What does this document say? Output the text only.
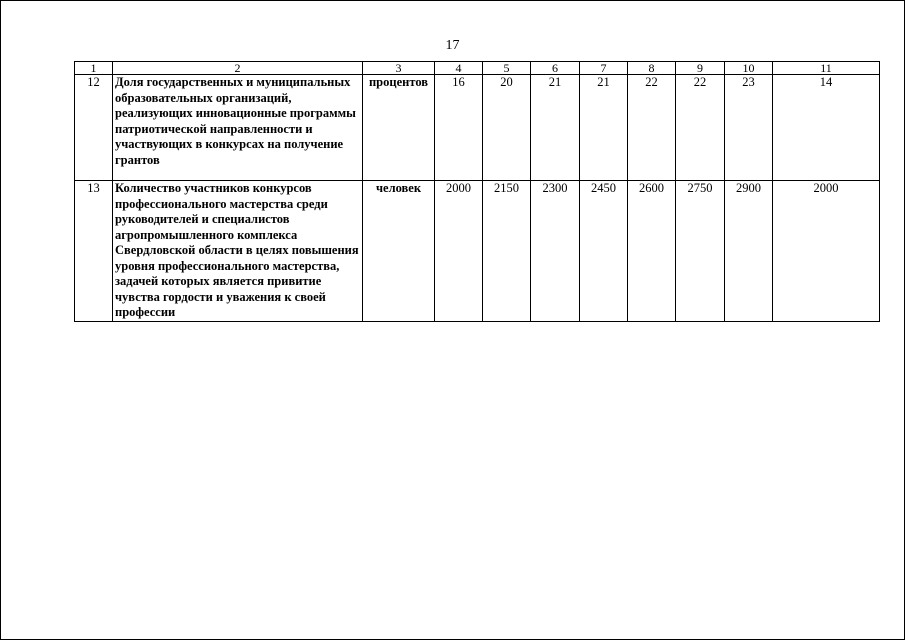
17
1	2	3	4	5	6	7	8	9	10	11
12	Доля государственных и муниципальных образовательных организаций, реализующих инновационные программы патриотической направленности и участвующих в конкурсах на получение грантов	процентов	16	20	21	21	22	22	23	14
13	Количество участников конкурсов профессионального мастерства среди руководителей и специалистов агропромышленного комплекса Свердловской области в целях повышения уровня профессионального мастерства, задачей которых является привитие чувства гордости и уважения к своей профессии	человек	2000	2150	2300	2450	2600	2750	2900	2000
